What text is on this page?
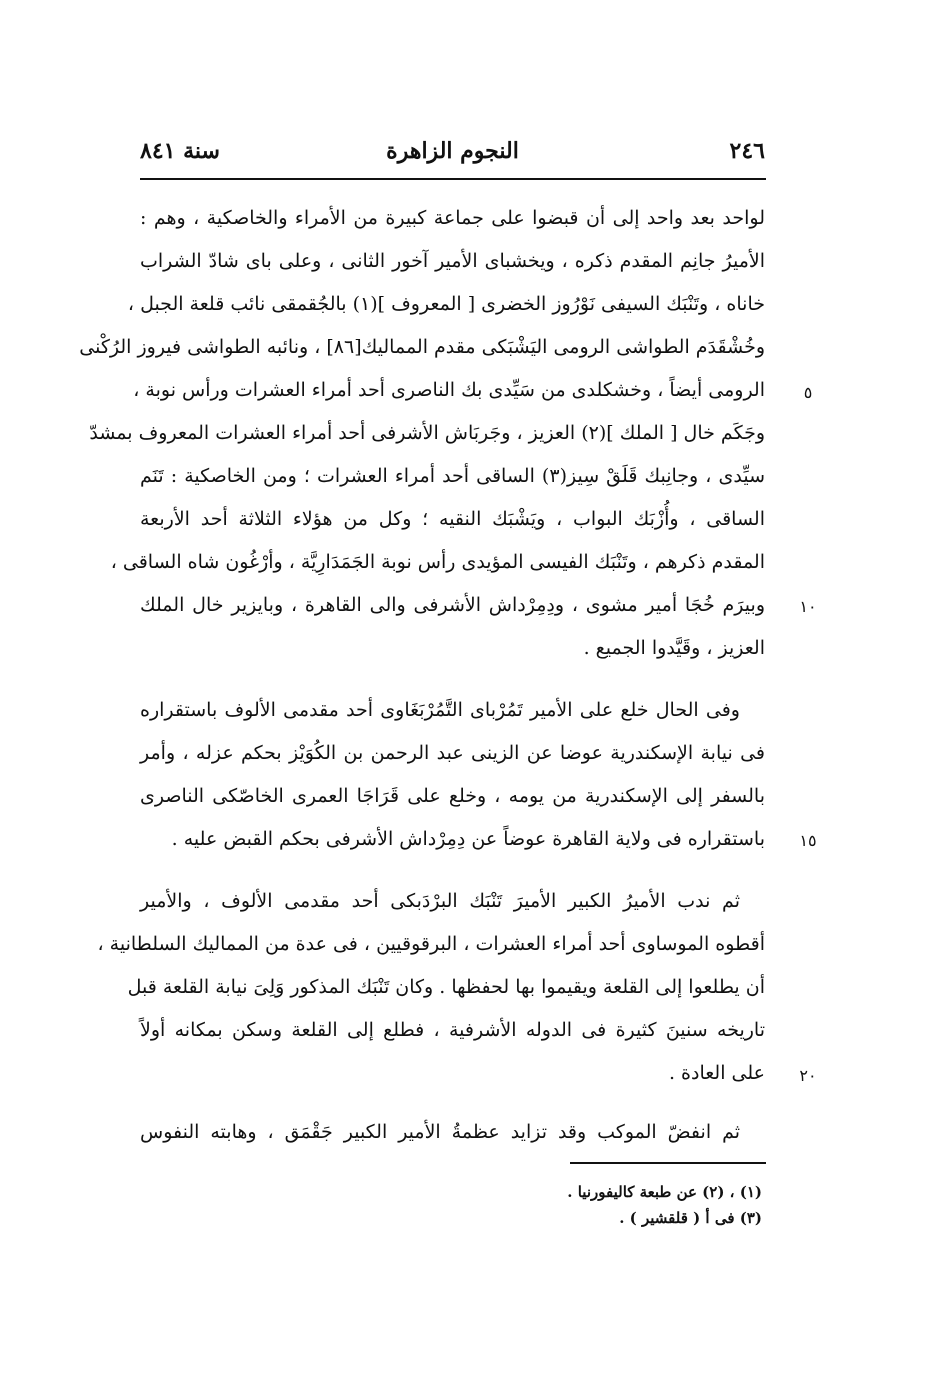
٢٤٦
النجوم الزاهرة
سنة ٨٤١
لواحد بعد واحد إلى أن قبضوا على جماعة كبيرة من الأمراء والخاصكية ، وهم :
الأميرُ جانِم المقدم ذكره ، ويخشباى الأمير آخور الثانى ، وعلى باى شادّ الشراب
خاناه ، وتَنْبَك السيفى نَوْرُوز الخضرى [ المعروف ](١) بالجُقمقى نائب قلعة الجبل ،
وخُشْقَدَم الطواشى الرومى اليَشْبَكى مقدم المماليك[٨٦] ، ونائبه الطواشى فيروز الرُكْنى
الرومى أيضاً ، وخشكلدى من سَيِّدى بك الناصرى أحد أمراء العشرات ورأس نوبة ،
وجَكَم خال [ الملك ](٢) العزيز ، وجَربَاش الأشرفى أحد أمراء العشرات المعروف بمشدّ
سيِّدى ، وجانِبك قَلَقْ سِيز(٣) الساقى أحد أمراء العشرات ؛ ومن الخاصكية : تَنَم
الساقى ، وأُزْبَك البواب ، ويَشْبَك النقيه ؛ وكل من هؤلاء الثلاثة أحد الأربعة
المقدم ذكرهم ، وتَنْبَك الفيسى المؤيدى رأس نوبة الجَمَدَارِيَّة ، وأرْغُون شاه الساقى ،
وبيرَم خُجَا أمير مشوى ، ودِمِرْداش الأشرفى والى القاهرة ، وبايزير خال الملك
العزيز ، وقَيَّدوا الجميع .
وفى الحال خلع على الأمير تَمُرْباى التَّمُرْبَغَاوى أحد مقدمى الألوف باستقراره
فى نيابة الإسكندرية عوضا عن الزينى عبد الرحمن بن الكُوَيْز بحكم عزله ، وأمر
بالسفر إلى الإسكندرية من يومه ، وخلع على قَرَاجَا العمرى الخاصّكى الناصرى
باستقراره فى ولاية القاهرة عوضاً عن دِمِرْداش الأشرفى بحكم القبض عليه .
ثم ندب الأميرُ الكبير الأميرَ تَنْبَك البرْدَبكى أحد مقدمى الألوف ، والأمير
أقطوه الموساوى أحد أمراء العشرات ، البرقوقيين ، فى عدة من المماليك السلطانية ،
أن يطلعوا إلى القلعة ويقيموا بها لحفظها . وكان تَنْبَك المذكور وَلِىَ نيابة القلعة قبل
تاريخه سنينَ كثيرة فى الدوله الأشرفية ، فطلع إلى القلعة وسكن بمكانه أولاً
على العادة .
ثم انفضّ الموكب وقد تزايد عظمةُ الأمير الكبير جَقْمَق ، وهابته النفوس
٥
١٠
١٥
٢٠
(١) ، (٢) عن طبعة كاليفورنيا .
(٣) فى أ ( قلقشير ) .
